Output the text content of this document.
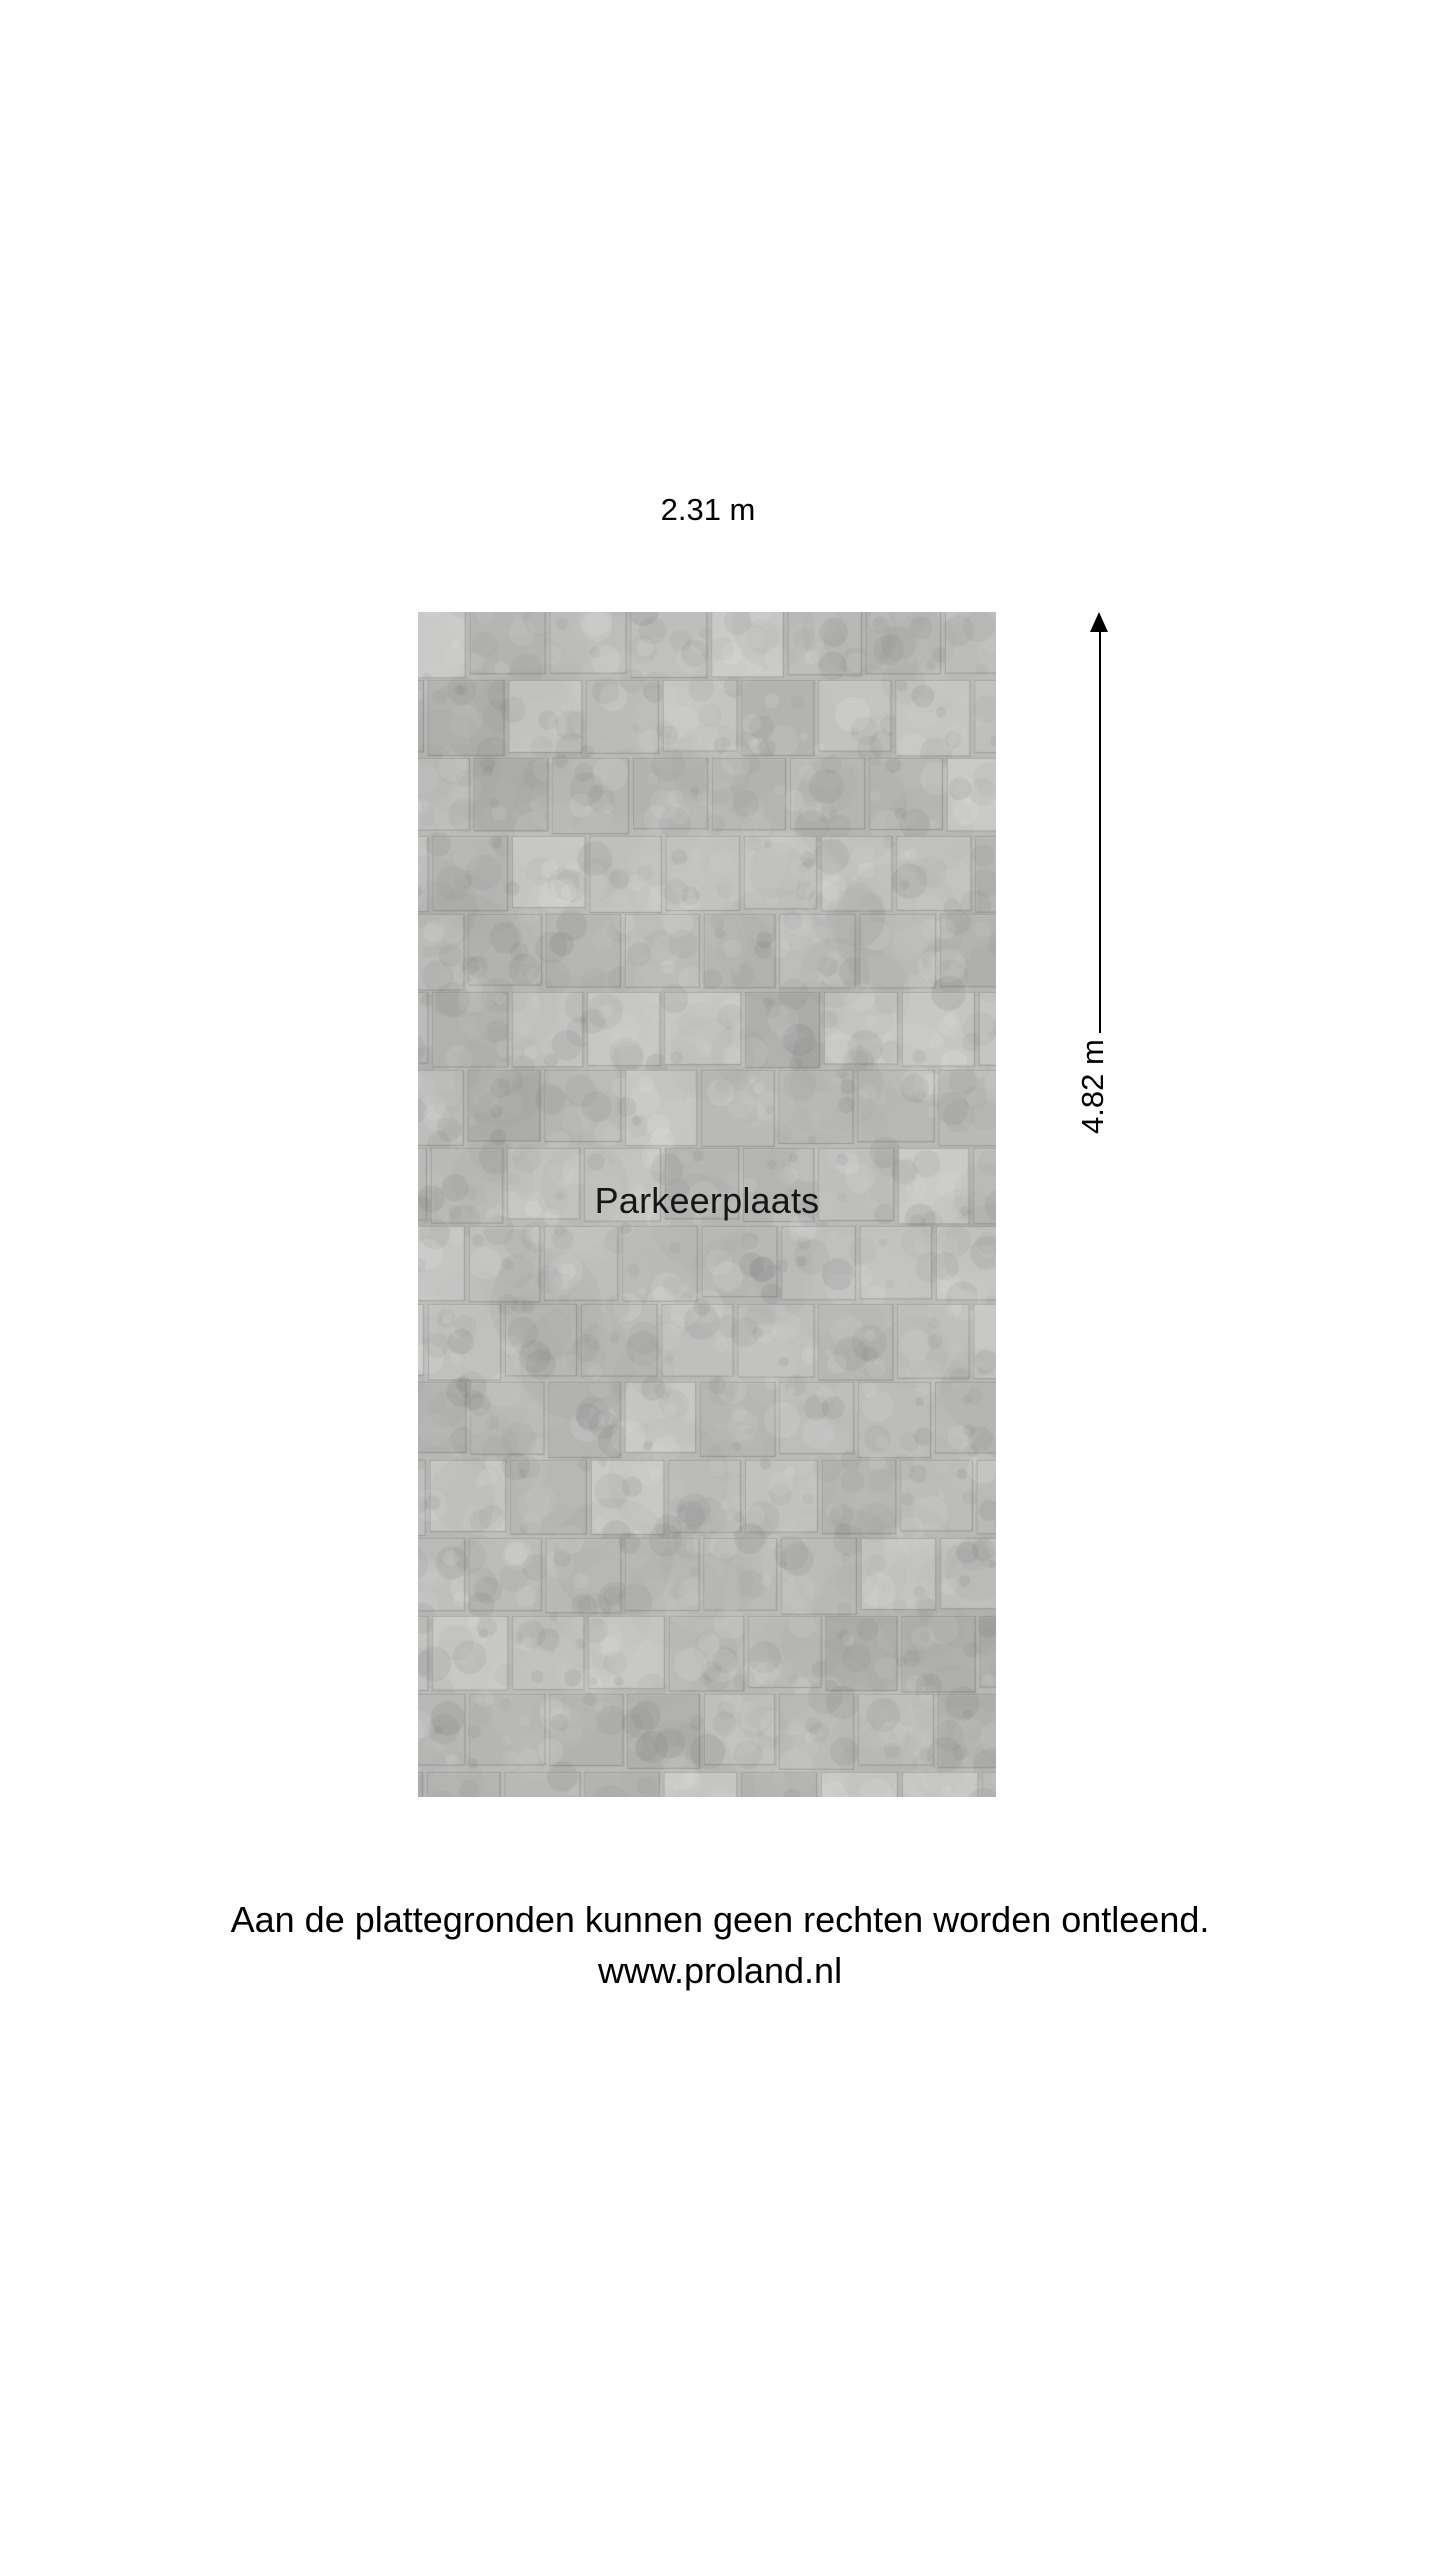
2.31 m
4.82 m
Parkeerplaats
Aan de plattegronden kunnen geen rechten worden ontleend.
www.proland.nl
